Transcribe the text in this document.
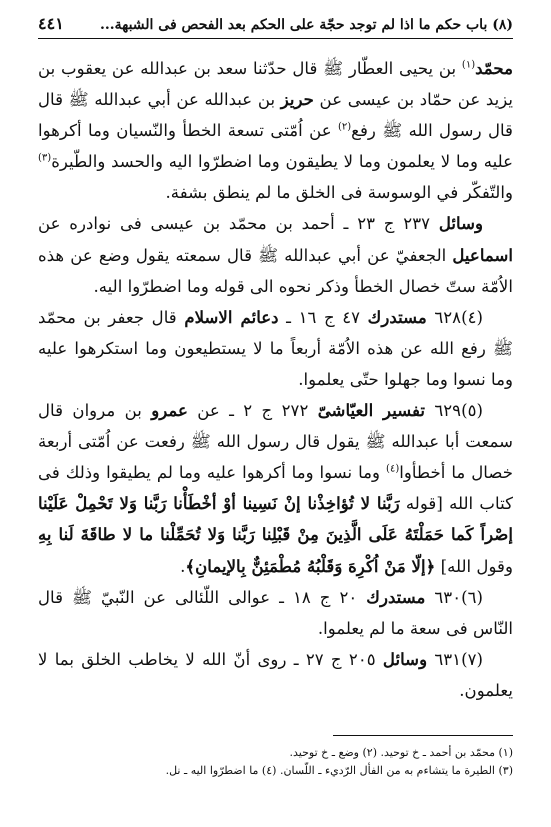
(٨) باب حكم ما اذا لم توجد حجّة على الحكم بعد الفحص فى الشبهة...
٤٤١

محمّد$^{(١)}$ بن يحيى العطّار ﷺ قال حدّثنا سعد بن عبدالله عن يعقوب بن يزيد عن حمّاد بن عيسى عن حريز بن عبدالله عن أبي عبدالله ﷺ قال قال رسول الله ﷺ رفع$^{(٢)}$ عن اُمّتى تسعة الخطأ والنّسيان وما أكرهوا عليه وما لا يعلمون وما لا يطيقون وما اضطرّوا اليه والحسد والطّيرة$^{(٣)}$ والتّفكّر في الوسوسة فى الخلق ما لم ينطق بشفة.

وسائل ٢٣٧ ج ٢٣ ـ أحمد بن محمّد بن عيسى فى نوادره عن اسماعيل الجعفيّ عن أبي عبدالله ﷺ قال سمعته يقول وضع عن هذه الاُمّة ستّ خصال الخطأ وذكر نحوه الى قوله وما اضطرّوا اليه.

(٤)٦٢٨ مستدرك ٤٧ ج ١٦ ـ دعائم الاسلام قال جعفر بن محمّد ﷺ رفع الله عن هذه الاُمّة أربعاً ما لا يستطيعون وما استكرهوا عليه وما نسوا وما جهلوا حتّى يعلموا.

(٥)٦٢٩ تفسير العيّاشىّ ٢٧٢ ج ٢ ـ عن عمرو بن مروان قال سمعت أبا عبدالله ﷺ يقول قال رسول الله ﷺ رفعت عن اُمّتى أربعة خصال ما أخطأوا$^{(٤)}$ وما نسوا وما أكرهوا عليه وما لم يطيقوا وذلك فى كتاب الله [قوله رَبَّنا لا تُؤاخِذْنا إنْ نَسِينا أوْ أخْطَأْنا رَبَّنا وَلا تَحْمِلْ عَلَيْنا إصْراً كَما حَمَلْتَهُ عَلَى الَّذِينَ مِنْ قَبْلِنا رَبَّنا وَلا تُحَمِّلْنا ما لا طاقَةَ لَنا بِهِ وقول الله] ﴿إلّا مَنْ اُكْرِهَ وَقَلْبُهُ مُطْمَئِنٌّ بِالإيمانِ﴾.

(٦)٦٣٠ مستدرك ٢٠ ج ١٨ ـ عوالى اللّئالى عن النّبيّ ﷺ قال النّاس فى سعة ما لم يعلموا.

(٧)٦٣١ وسائل ٢٠٥ ج ٢٧ ـ روى أنّ الله لا يخاطب الخلق بما لا يعلمون.

(١) محمّد بن أحمد ـ خ توحيد. (٢) وضع ـ خ توحيد.
(٣) الطيرة ما يتشاءم به من الفأل الرّديء ـ اللّسان. (٤) ما اضطرّوا اليه ـ نل.
